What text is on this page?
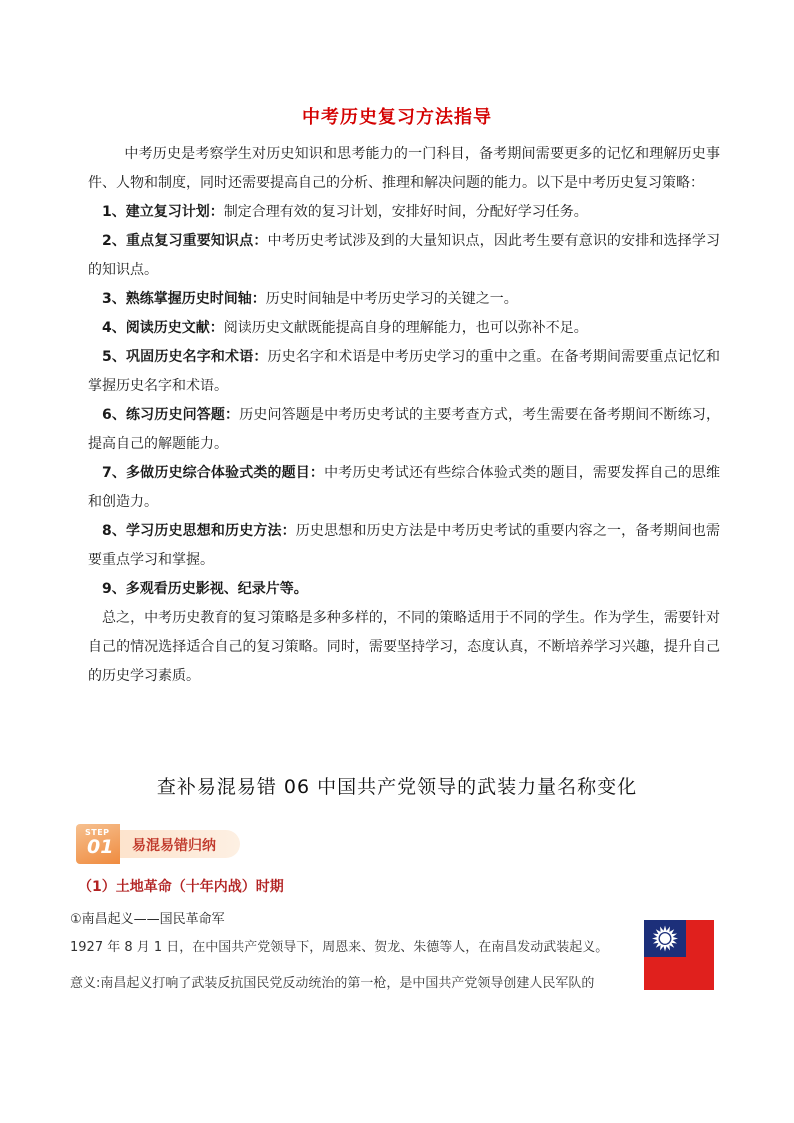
中考历史复习方法指导
中考历史是考察学生对历史知识和思考能力的一门科目，备考期间需要更多的记忆和理解历史事件、人物和制度，同时还需要提高自己的分析、推理和解决问题的能力。以下是中考历史复习策略：
1、建立复习计划：制定合理有效的复习计划，安排好时间，分配好学习任务。
2、重点复习重要知识点：中考历史考试涉及到的大量知识点，因此考生要有意识的安排和选择学习的知识点。
3、熟练掌握历史时间轴：历史时间轴是中考历史学习的关键之一。
4、阅读历史文献：阅读历史文献既能提高自身的理解能力，也可以弥补不足。
5、巩固历史名字和术语：历史名字和术语是中考历史学习的重中之重。在备考期间需要重点记忆和掌握历史名字和术语。
6、练习历史问答题：历史问答题是中考历史考试的主要考查方式，考生需要在备考期间不断练习，提高自己的解题能力。
7、多做历史综合体验式类的题目：中考历史考试还有些综合体验式类的题目，需要发挥自己的思维和创造力。
8、学习历史思想和历史方法：历史思想和历史方法是中考历史考试的重要内容之一，备考期间也需要重点学习和掌握。
9、多观看历史影视、纪录片等。
总之，中考历史教育的复习策略是多种多样的，不同的策略适用于不同的学生。作为学生，需要针对自己的情况选择适合自己的复习策略。同时，需要坚持学习，态度认真，不断培养学习兴趣，提升自己的历史学习素质。
查补易混易错 06 中国共产党领导的武装力量名称变化
易混易错归纳
STEP
01
（1）土地革命（十年内战）时期
①南昌起义——国民革命军
1927 年 8 月 1 日，在中国共产党领导下，周恩来、贺龙、朱德等人，在南昌发动武装起义。
意义:南昌起义打响了武装反抗国民党反动统治的第一枪，是中国共产党领导创建人民军队的
